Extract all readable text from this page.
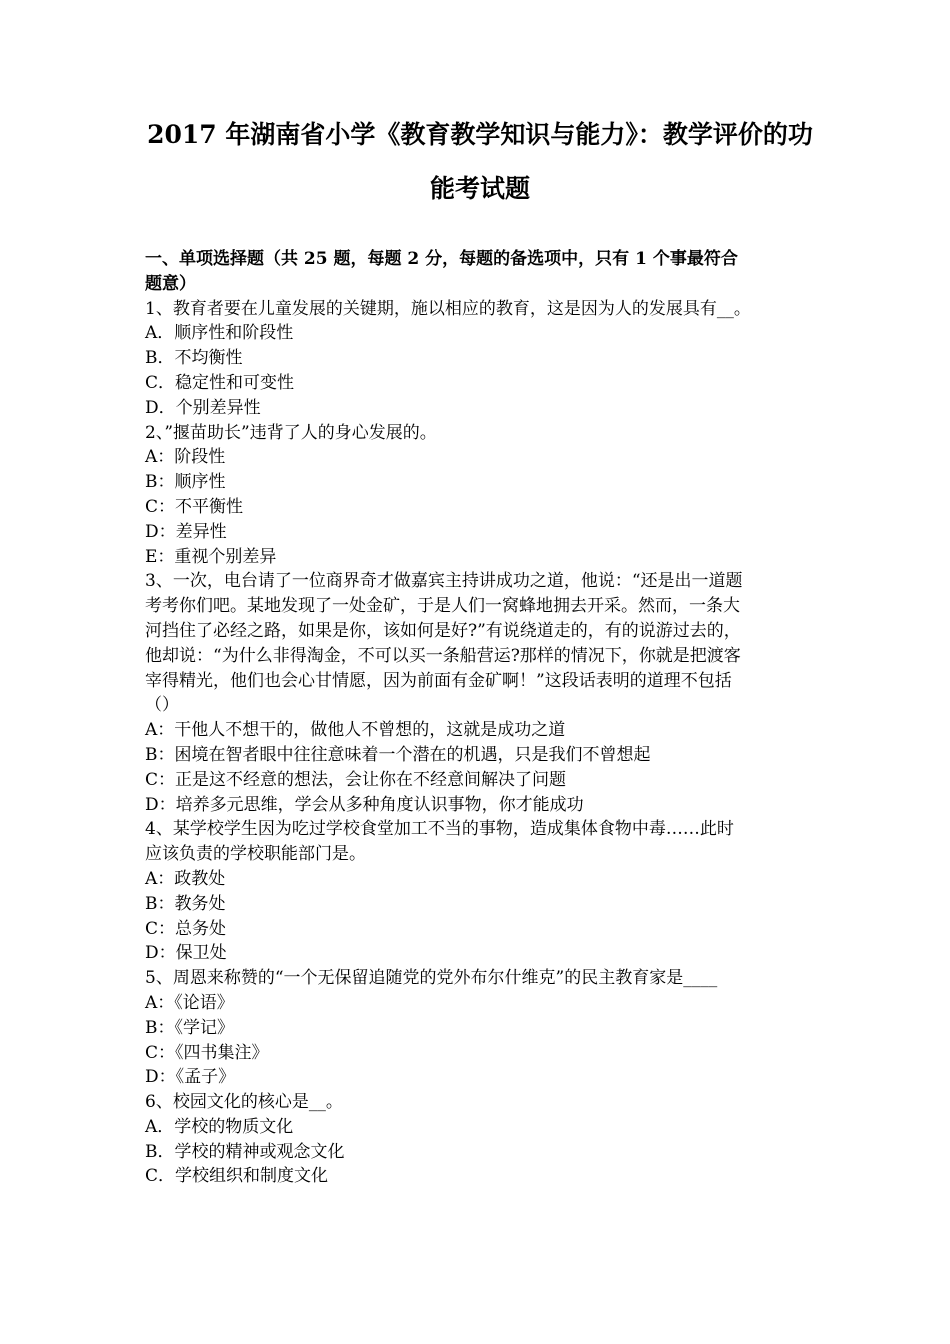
2017 年湖南省小学《教育教学知识与能力》：教学评价的功
能考试题
一、单项选择题（共 25 题，每题 2 分，每题的备选项中，只有 1 个事最符合
题意）
1、教育者要在儿童发展的关键期，施以相应的教育，这是因为人的发展具有__。
A．顺序性和阶段性
B．不均衡性
C．稳定性和可变性
D．个别差异性
2、”揠苗助长”违背了人的身心发展的。
A：阶段性
B：顺序性
C：不平衡性
D：差异性
E：重视个别差异
3、一次，电台请了一位商界奇才做嘉宾主持讲成功之道，他说：“还是出一道题
考考你们吧。某地发现了一处金矿，于是人们一窝蜂地拥去开采。然而，一条大
河挡住了必经之路，如果是你，该如何是好?”有说绕道走的，有的说游过去的，
他却说：“为什么非得淘金，不可以买一条船营运?那样的情况下，你就是把渡客
宰得精光，他们也会心甘情愿，因为前面有金矿啊！”这段话表明的道理不包括
（）
A：干他人不想干的，做他人不曾想的，这就是成功之道
B：困境在智者眼中往往意味着一个潜在的机遇，只是我们不曾想起
C：正是这不经意的想法，会让你在不经意间解决了问题
D：培养多元思维，学会从多种角度认识事物，你才能成功
4、某学校学生因为吃过学校食堂加工不当的事物，造成集体食物中毒……此时
应该负责的学校职能部门是。
A：政教处
B：教务处
C：总务处
D：保卫处
5、周恩来称赞的“一个无保留追随党的党外布尔什维克”的民主教育家是____
A：《论语》
B：《学记》
C：《四书集注》
D：《孟子》
6、校园文化的核心是__。
A．学校的物质文化
B．学校的精神或观念文化
C．学校组织和制度文化
